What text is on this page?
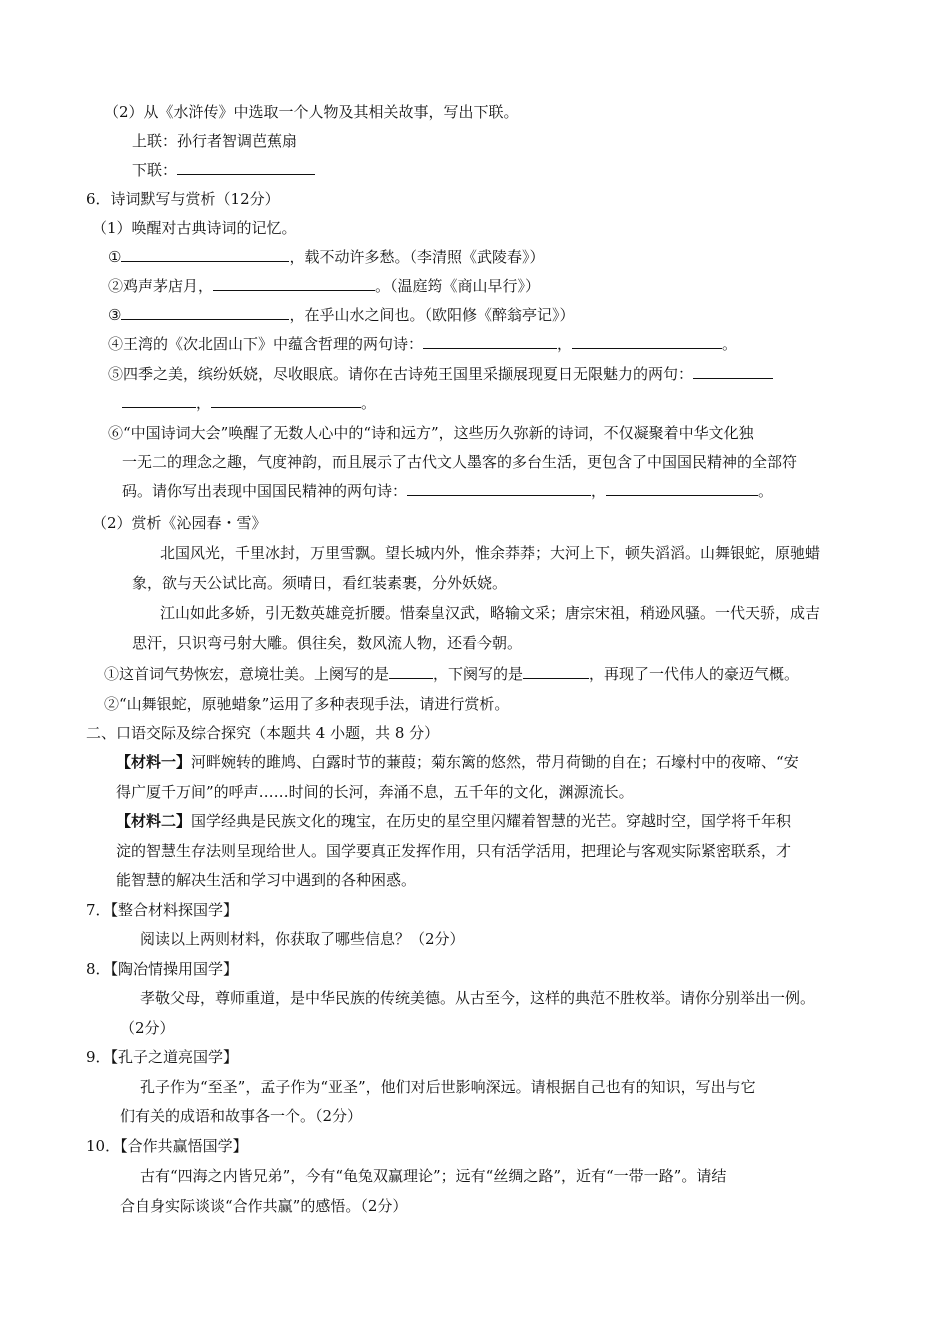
（2）从《水浒传》中选取一个人物及其相关故事，写出下联。
上联：孙行者智调芭蕉扇
下联：
6．诗词默写与赏析（12分）
（1）唤醒对古典诗词的记忆。
①	，载不动许多愁。（李清照《武陵春》）
②鸡声茅店月，	。（温庭筠《商山早行》）
③	，在乎山水之间也。（欧阳修《醉翁亭记》）
④王湾的《次北固山下》中蕴含哲理的两句诗：	，	。
⑤四季之美，缤纷妖娆，尽收眼底。请你在古诗苑王国里采撷展现夏日无限魅力的两句：
，	。
⑥“中国诗词大会”唤醒了无数人心中的“诗和远方”，这些历久弥新的诗词，不仅凝聚着中华文化独
一无二的理念之趣，气度神韵，而且展示了古代文人墨客的多台生活，更包含了中国国民精神的全部符
码。请你写出表现中国国民精神的两句诗：	，	。
（2）赏析《沁园春・雪》
北国风光，千里冰封，万里雪飘。望长城内外，惟余莽莽；大河上下，顿失滔滔。山舞银蛇，原驰蜡
象，欲与天公试比高。须晴日，看红装素裹，分外妖娆。
江山如此多娇，引无数英雄竞折腰。惜秦皇汉武，略输文采；唐宗宋祖，稍逊风骚。一代天骄，成吉
思汗，只识弯弓射大雕。俱往矣，数风流人物，还看今朝。
①这首词气势恢宏，意境壮美。上阕写的是	，下阕写的是	，再现了一代伟人的豪迈气概。
②“山舞银蛇，原驰蜡象”运用了多种表现手法，请进行赏析。
二、口语交际及综合探究（本题共 4 小题，共 8 分）
【材料一】河畔婉转的雎鸠、白露时节的蒹葭；菊东篱的悠然，带月荷锄的自在；石壕村中的夜啼、“安
得广厦千万间”的呼声……时间的长河，奔涌不息，五千年的文化，渊源流长。
【材料二】国学经典是民族文化的瑰宝，在历史的星空里闪耀着智慧的光芒。穿越时空，国学将千年积
淀的智慧生存法则呈现给世人。国学要真正发挥作用，只有活学活用，把理论与客观实际紧密联系，才
能智慧的解决生活和学习中遇到的各种困惑。
7．【整合材料探国学】
阅读以上两则材料，你获取了哪些信息？（2分）
8．【陶冶情操用国学】
孝敬父母，尊师重道，是中华民族的传统美德。从古至今，这样的典范不胜枚举。请你分别举出一例。
（2分）
9．【孔子之道亮国学】
孔子作为“至圣”，孟子作为“亚圣”，他们对后世影响深远。请根据自己也有的知识，写出与它
们有关的成语和故事各一个。（2分）
10．【合作共赢悟国学】
古有“四海之内皆兄弟”，今有“龟兔双赢理论”；远有“丝绸之路”，近有“一带一路”。请结
合自身实际谈谈“合作共赢”的感悟。（2分）
